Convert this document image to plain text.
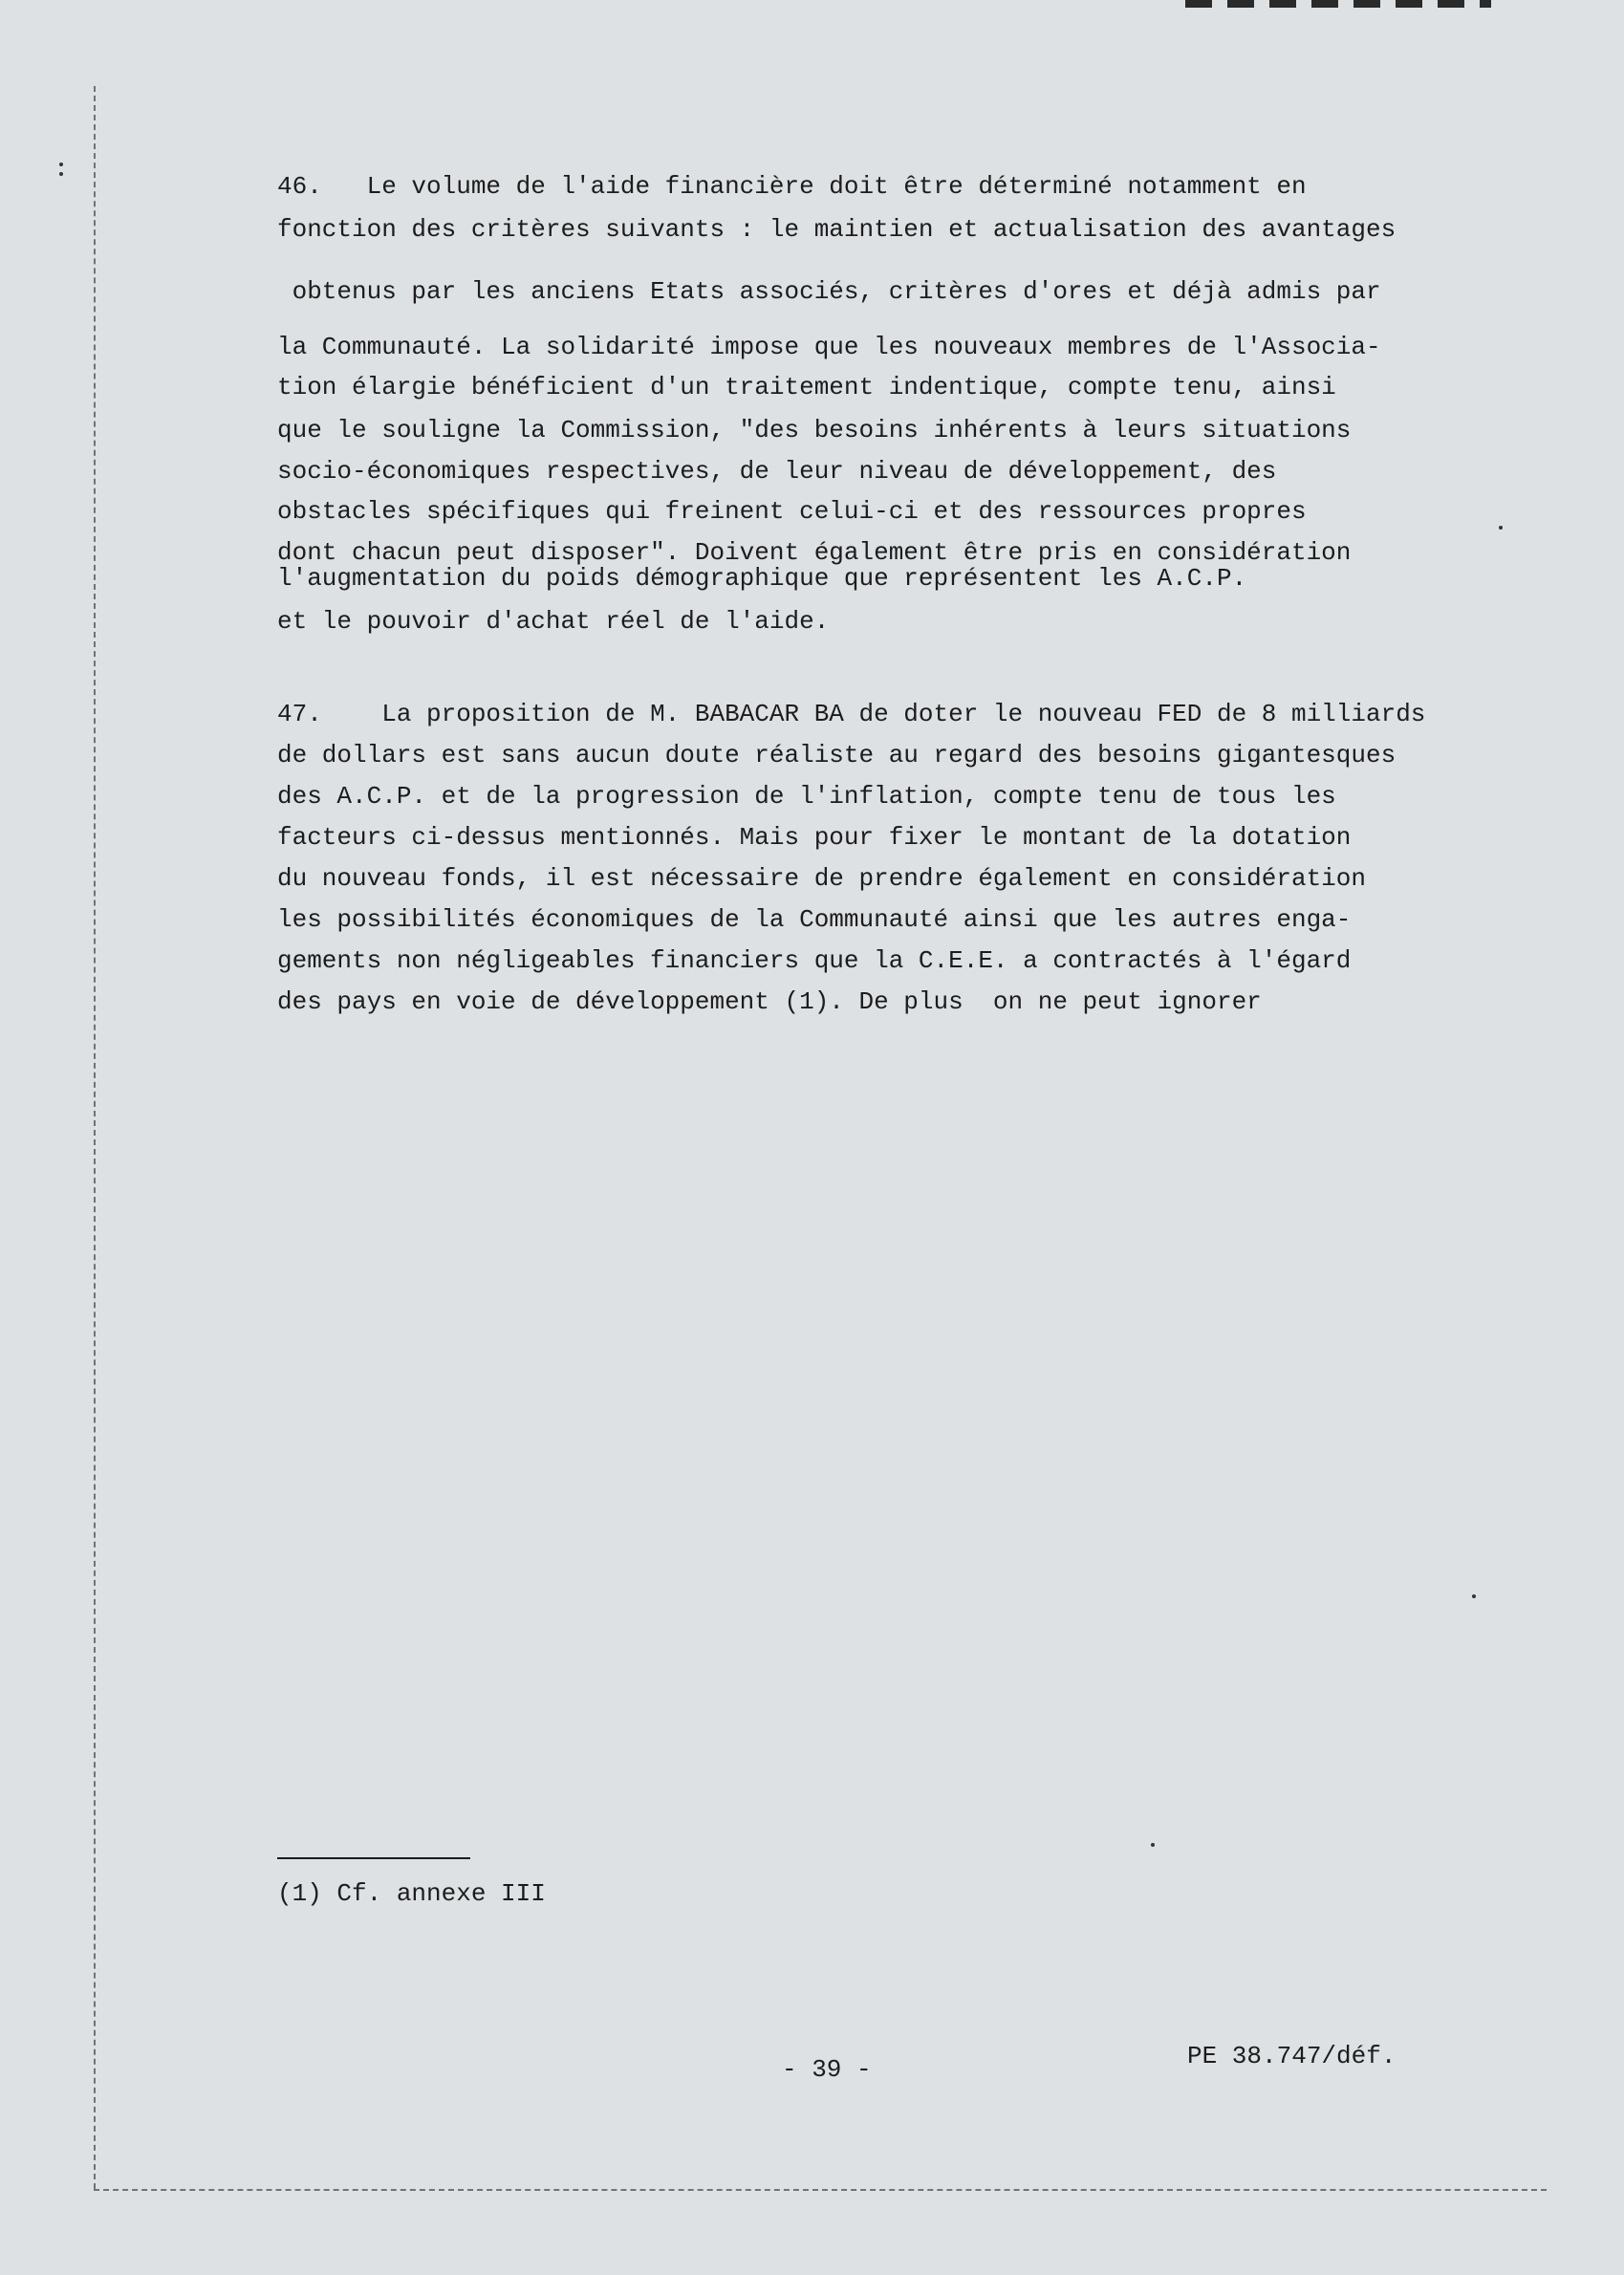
46.   Le volume de l'aide financière doit être déterminé notamment en
fonction des critères suivants : le maintien et actualisation des avantages
obtenus par les anciens Etats associés, critères d'ores et déjà admis par
la Communauté. La solidarité impose que les nouveaux membres de l'Associa-
tion élargie bénéficient d'un traitement indentique, compte tenu, ainsi
que le souligne la Commission, "des besoins inhérents à leurs situations
socio-économiques respectives, de leur niveau de développement, des
obstacles spécifiques qui freinent celui-ci et des ressources propres
dont chacun peut disposer". Doivent également être pris en considération
l'augmentation du poids démographique que représentent les A.C.P.
et le pouvoir d'achat réel de l'aide.
47.    La proposition de M. BABACAR BA de doter le nouveau FED de 8 milliards
de dollars est sans aucun doute réaliste au regard des besoins gigantesques
des A.C.P. et de la progression de l'inflation, compte tenu de tous les
facteurs ci-dessus mentionnés. Mais pour fixer le montant de la dotation
du nouveau fonds, il est nécessaire de prendre également en considération
les possibilités économiques de la Communauté ainsi que les autres enga-
gements non négligeables financiers que la C.E.E. a contractés à l'égard
des pays en voie de développement (1). De plus  on ne peut ignorer
(1) Cf. annexe III
- 39 -	PE 38.747/déf.
